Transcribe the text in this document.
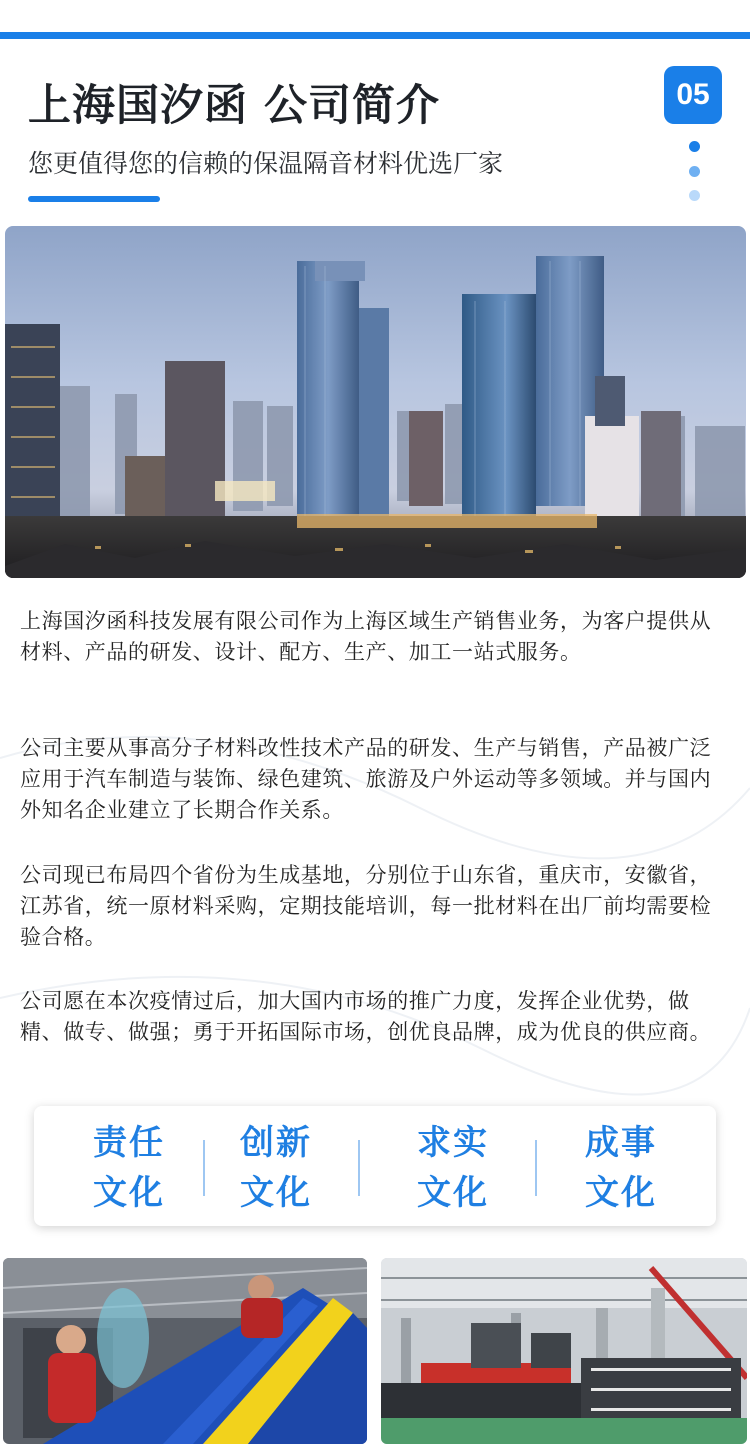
上海国汐函 公司简介
您更值得您的信赖的保温隔音材料优选厂家
05

上海国汐函科技发展有限公司作为上海区域生产销售业务，为客户提供从材料、产品的研发、设计、配方、生产、加工一站式服务。

公司主要从事高分子材料改性技术产品的研发、生产与销售，产品被广泛应用于汽车制造与装饰、绿色建筑、旅游及户外运动等多领域。并与国内外知名企业建立了长期合作关系。

公司现已布局四个省份为生成基地，分别位于山东省，重庆市，安徽省，江苏省，统一原材料采购，定期技能培训，每一批材料在出厂前均需要检验合格。

公司愿在本次疫情过后，加大国内市场的推广力度，发挥企业优势，做精、做专、做强；勇于开拓国际市场，创优良品牌，成为优良的供应商。

责任
文化
创新
文化
求实
文化
成事
文化
